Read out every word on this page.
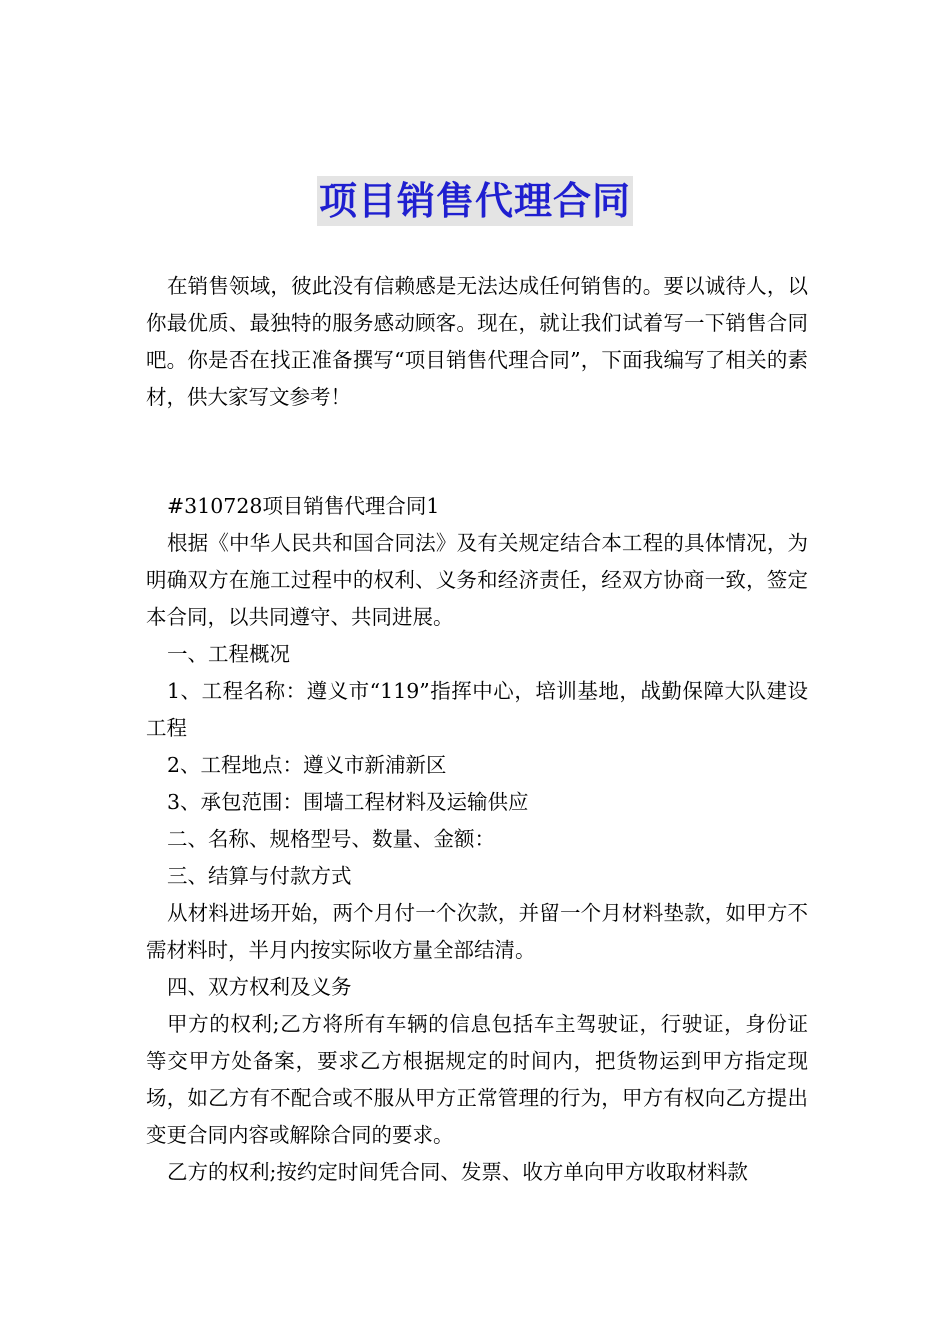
项目销售代理合同

在销售领域，彼此没有信赖感是无法达成任何销售的。要以诚待人，以你最优质、最独特的服务感动顾客。现在，就让我们试着写一下销售合同吧。你是否在找正准备撰写“项目销售代理合同”，下面我编写了相关的素材，供大家写文参考！

#310728项目销售代理合同1

根据《中华人民共和国合同法》及有关规定结合本工程的具体情况，为明确双方在施工过程中的权利、义务和经济责任，经双方协商一致，签定本合同，以共同遵守、共同进展。

一、工程概况

1、工程名称：遵义市“119”指挥中心，培训基地，战勤保障大队建设工程

2、工程地点：遵义市新浦新区

3、承包范围：围墙工程材料及运输供应

二、名称、规格型号、数量、金额：

三、结算与付款方式

从材料进场开始，两个月付一个次款，并留一个月材料垫款，如甲方不需材料时，半月内按实际收方量全部结清。

四、双方权利及义务

甲方的权利;乙方将所有车辆的信息包括车主驾驶证，行驶证，身份证等交甲方处备案，要求乙方根据规定的时间内，把货物运到甲方指定现场，如乙方有不配合或不服从甲方正常管理的行为，甲方有权向乙方提出变更合同内容或解除合同的要求。

乙方的权利;按约定时间凭合同、发票、收方单向甲方收取材料款
